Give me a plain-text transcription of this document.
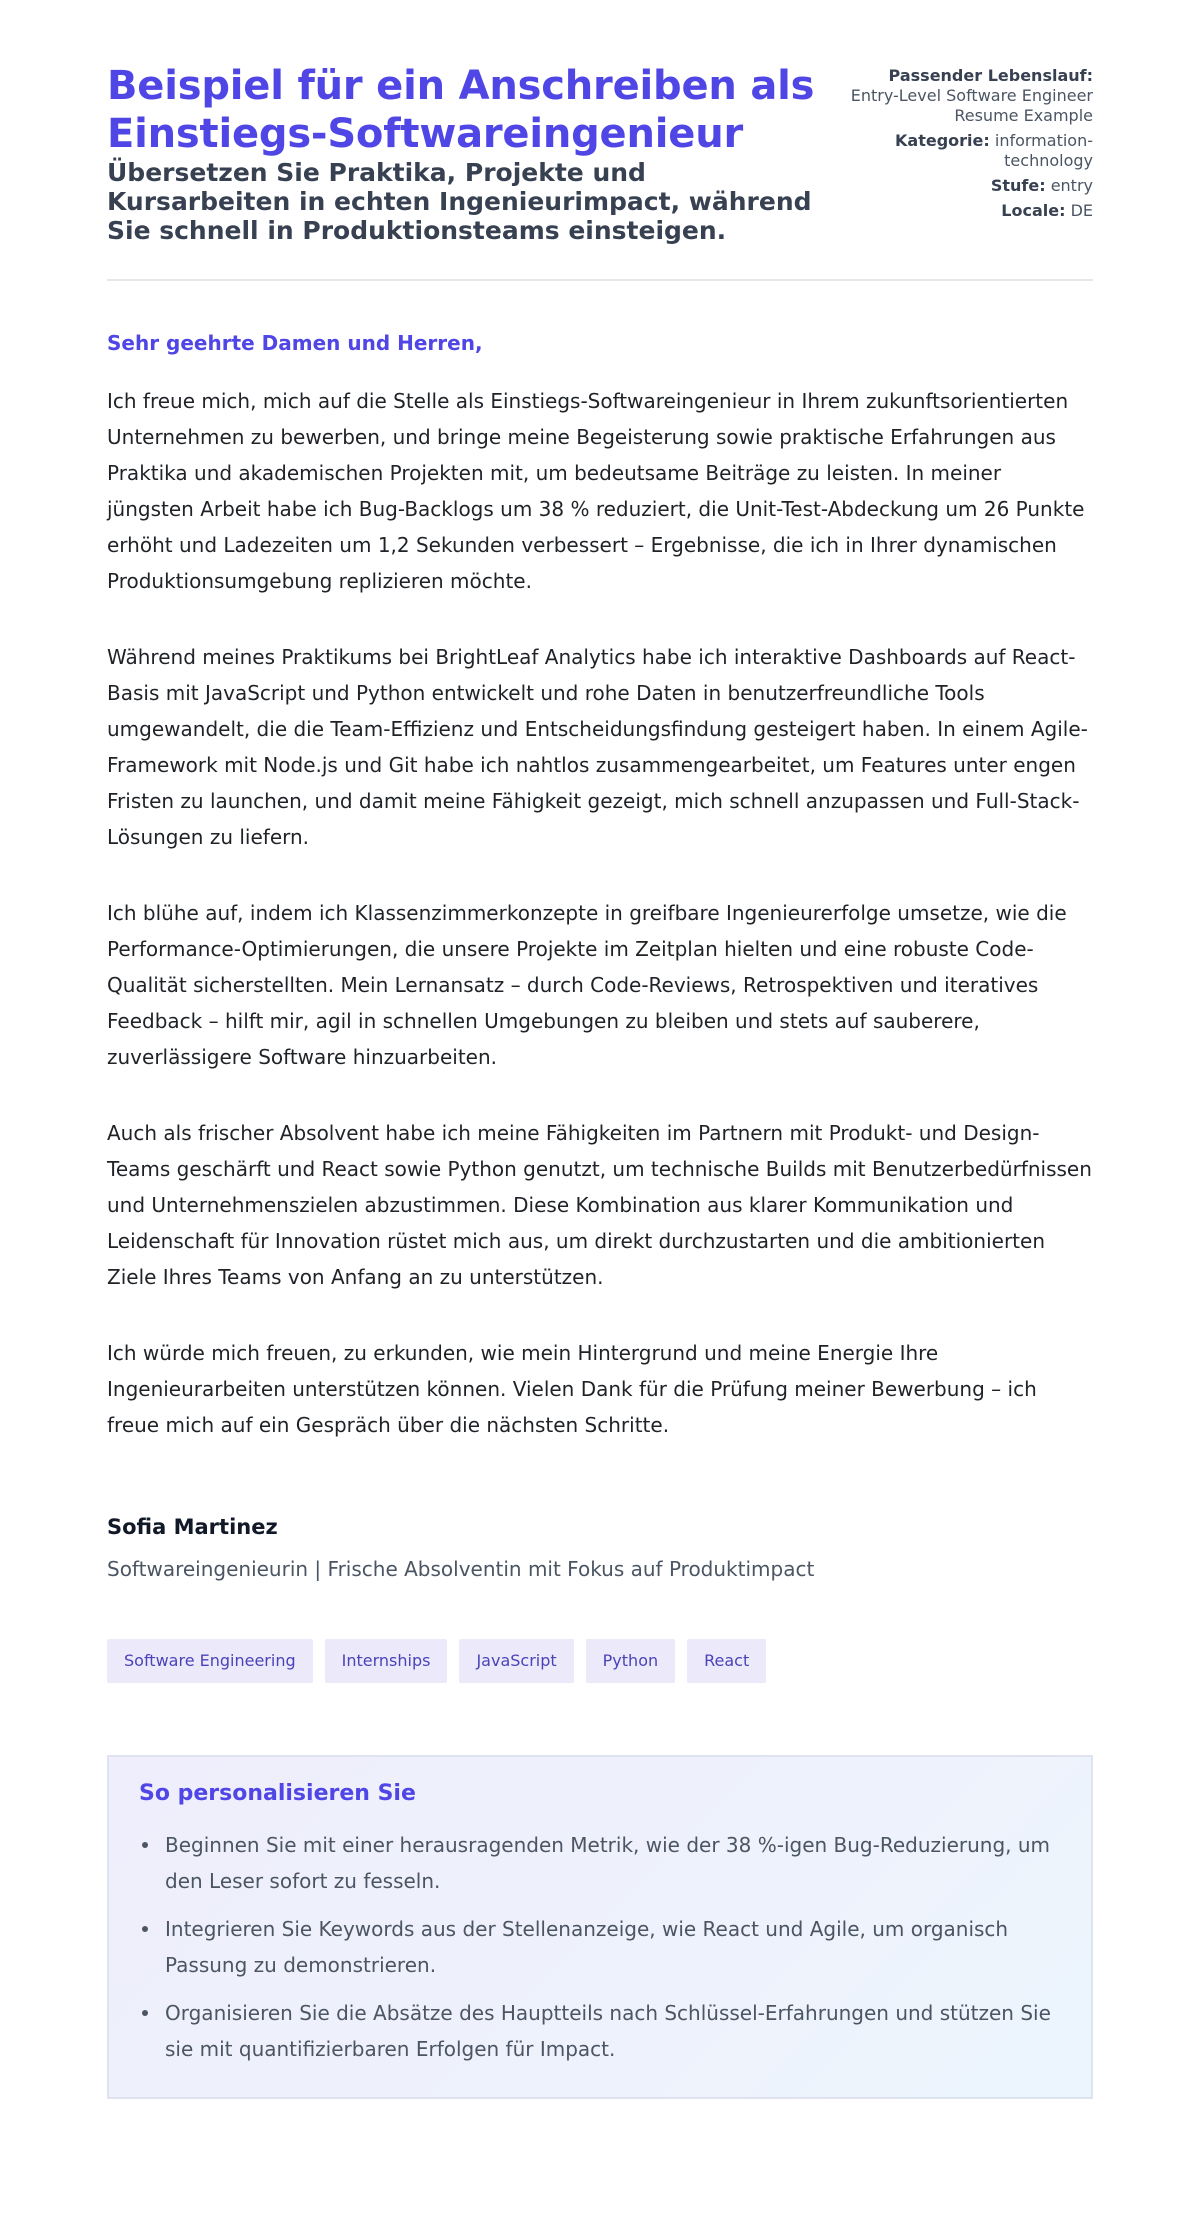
Beispiel für ein Anschreiben als Einstiegs-Softwareingenieur
Übersetzen Sie Praktika, Projekte und Kursarbeiten in echten Ingenieurimpact, während Sie schnell in Produktionsteams einsteigen.
Passender Lebenslauf:
Entry-Level Software Engineer Resume Example
Kategorie: information-technology
Stufe: entry
Locale: DE

Sehr geehrte Damen und Herren,

Ich freue mich, mich auf die Stelle als Einstiegs-Softwareingenieur in Ihrem zukunftsorientierten Unternehmen zu bewerben, und bringe meine Begeisterung sowie praktische Erfahrungen aus Praktika und akademischen Projekten mit, um bedeutsame Beiträge zu leisten. In meiner jüngsten Arbeit habe ich Bug-Backlogs um 38 % reduziert, die Unit-Test-Abdeckung um 26 Punkte erhöht und Ladezeiten um 1,2 Sekunden verbessert – Ergebnisse, die ich in Ihrer dynamischen Produktionsumgebung replizieren möchte.

Während meines Praktikums bei BrightLeaf Analytics habe ich interaktive Dashboards auf React-Basis mit JavaScript und Python entwickelt und rohe Daten in benutzerfreundliche Tools umgewandelt, die die Team-Effizienz und Entscheidungsfindung gesteigert haben. In einem Agile-Framework mit Node.js und Git habe ich nahtlos zusammengearbeitet, um Features unter engen Fristen zu launchen, und damit meine Fähigkeit gezeigt, mich schnell anzupassen und Full-Stack-Lösungen zu liefern.

Ich blühe auf, indem ich Klassenzimmerkonzepte in greifbare Ingenieurerfolge umsetze, wie die Performance-Optimierungen, die unsere Projekte im Zeitplan hielten und eine robuste Code-Qualität sicherstellten. Mein Lernansatz – durch Code-Reviews, Retrospektiven und iteratives Feedback – hilft mir, agil in schnellen Umgebungen zu bleiben und stets auf sauberere, zuverlässigere Software hinzuarbeiten.

Auch als frischer Absolvent habe ich meine Fähigkeiten im Partnern mit Produkt- und Design-Teams geschärft und React sowie Python genutzt, um technische Builds mit Benutzerbedürfnissen und Unternehmenszielen abzustimmen. Diese Kombination aus klarer Kommunikation und Leidenschaft für Innovation rüstet mich aus, um direkt durchzustarten und die ambitionierten Ziele Ihres Teams von Anfang an zu unterstützen.

Ich würde mich freuen, zu erkunden, wie mein Hintergrund und meine Energie Ihre Ingenieurarbeiten unterstützen können. Vielen Dank für die Prüfung meiner Bewerbung – ich freue mich auf ein Gespräch über die nächsten Schritte.

Sofia Martinez
Softwareingenieurin | Frische Absolventin mit Fokus auf Produktimpact
Software Engineering	Internships	JavaScript	Python	React
So personalisieren Sie
Beginnen Sie mit einer herausragenden Metrik, wie der 38 %-igen Bug-Reduzierung, um den Leser sofort zu fesseln.
Integrieren Sie Keywords aus der Stellenanzeige, wie React und Agile, um organisch Passung zu demonstrieren.
Organisieren Sie die Absätze des Hauptteils nach Schlüssel-Erfahrungen und stützen Sie sie mit quantifizierbaren Erfolgen für Impact.
